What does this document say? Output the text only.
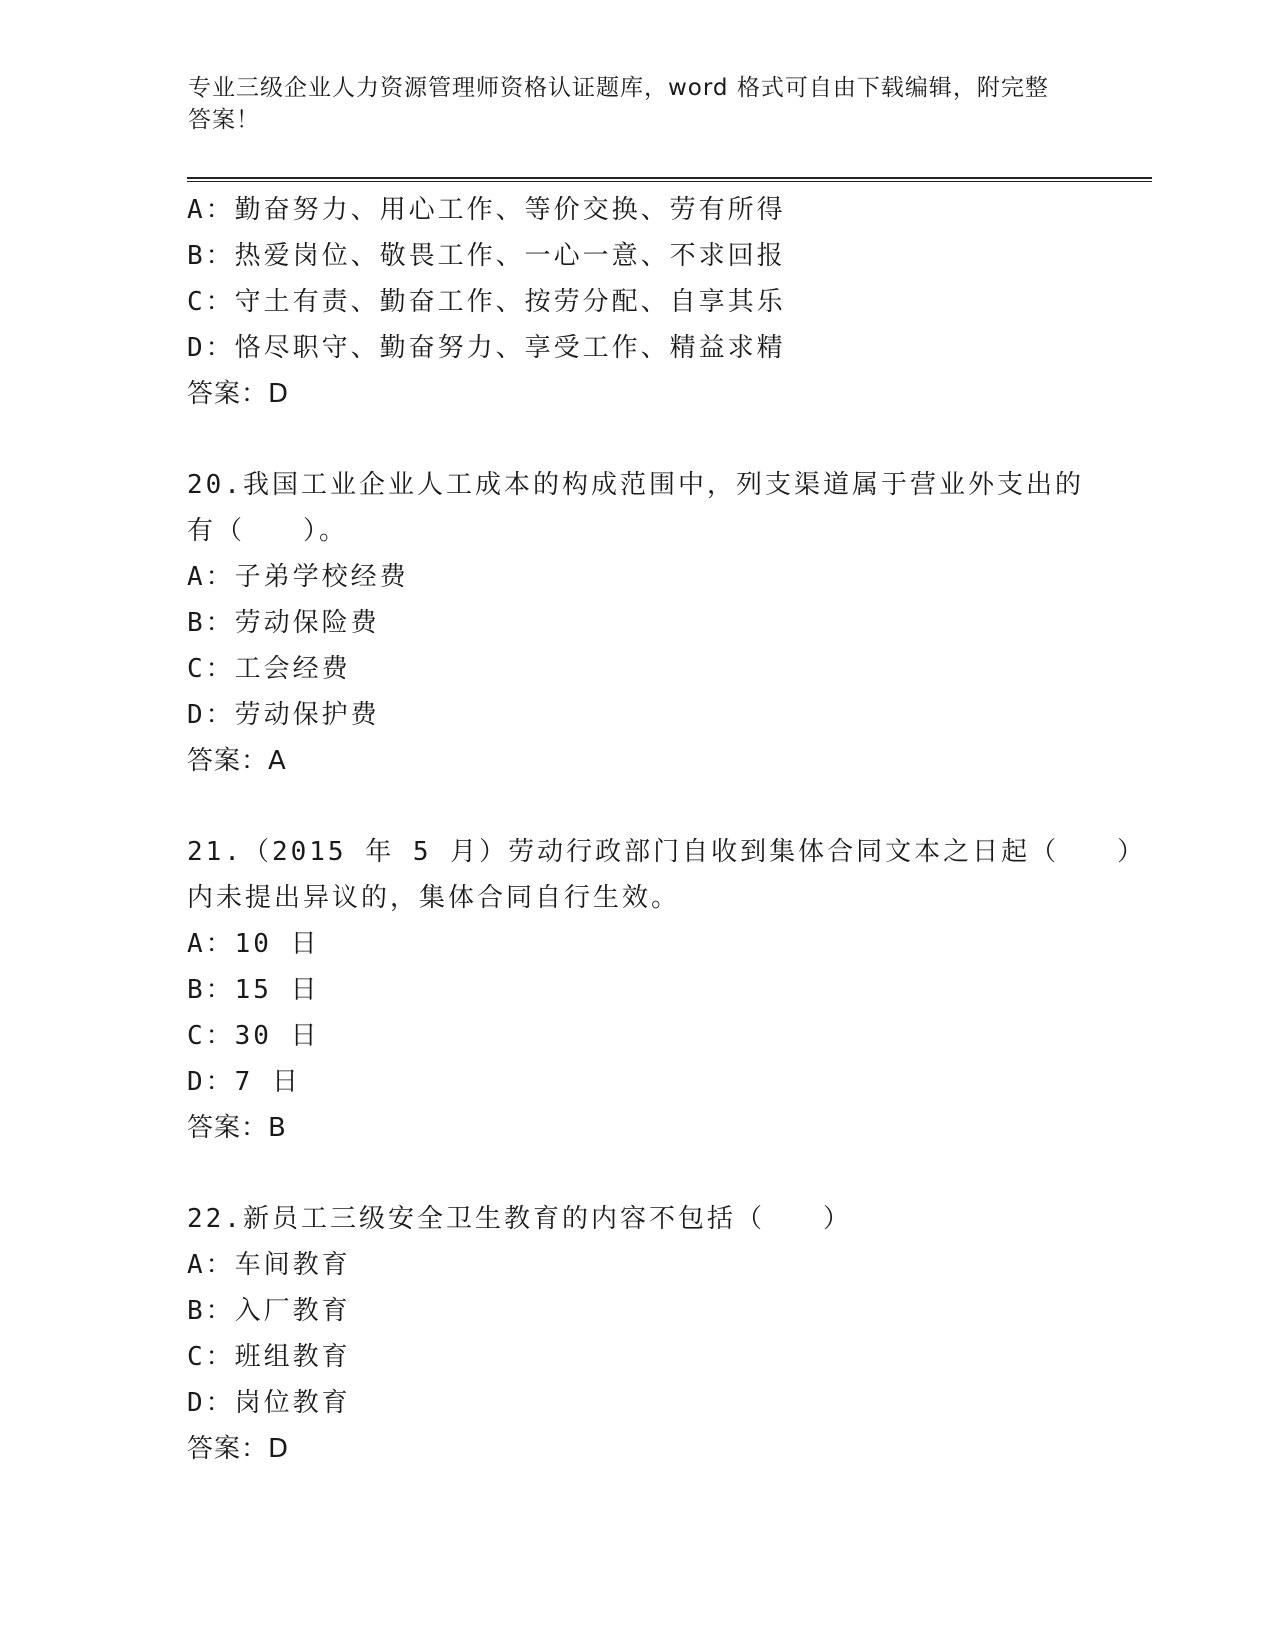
专业三级企业人力资源管理师资格认证题库，word 格式可自由下载编辑，附完整
答案！
A：勤奋努力、用心工作、等价交换、劳有所得
B：热爱岗位、敬畏工作、一心一意、不求回报
C：守土有责、勤奋工作、按劳分配、自享其乐
D：恪尽职守、勤奋努力、享受工作、精益求精
答案：D
20.我国工业企业人工成本的构成范围中，列支渠道属于营业外支出的
有（　　）。
A：子弟学校经费
B：劳动保险费
C：工会经费
D：劳动保护费
答案：A
21.（2015 年 5 月）劳动行政部门自收到集体合同文本之日起（　　）
内未提出异议的，集体合同自行生效。
A：10 日
B：15 日
C：30 日
D：7 日
答案：B
22.新员工三级安全卫生教育的内容不包括（　　）
A：车间教育
B：入厂教育
C：班组教育
D：岗位教育
答案：D
